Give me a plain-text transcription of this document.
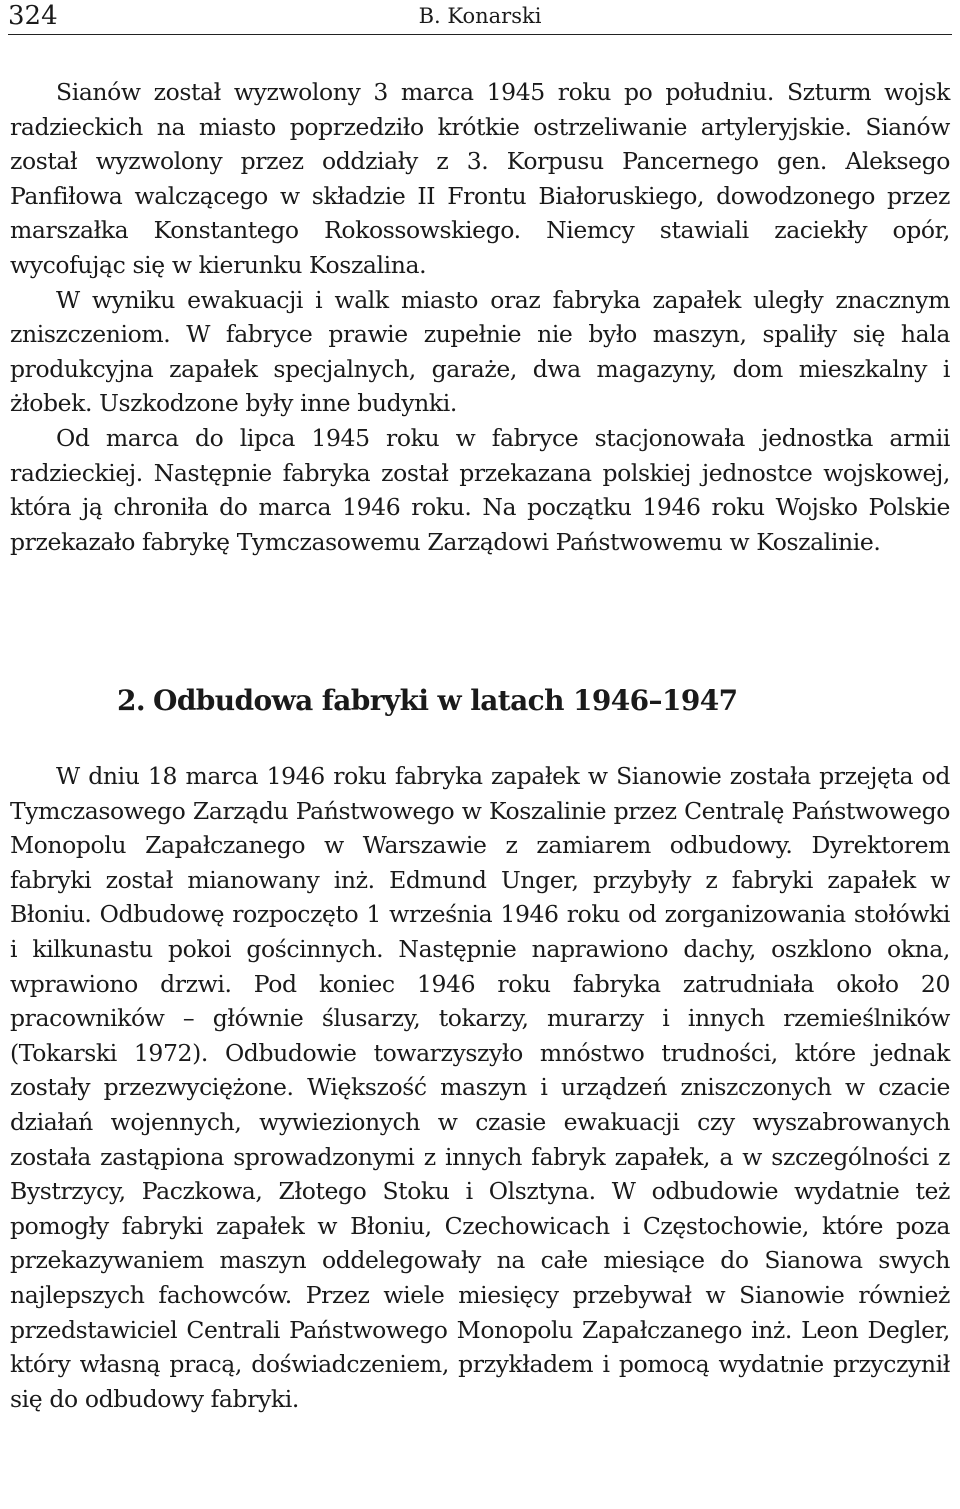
324	B. Konarski

Sianów został wyzwolony 3 marca 1945 roku po południu. Szturm wojsk radzieckich na miasto poprzedziło krótkie ostrzeliwanie artyleryjskie. Sianów został wyzwolony przez oddziały z 3. Korpusu Pancernego gen. Aleksego Panfiłowa walczącego w składzie II Frontu Białoruskiego, dowodzonego przez marszałka Konstantego Rokossowskiego. Niemcy stawiali zaciekły opór, wycofując się w kierunku Koszalina.

W wyniku ewakuacji i walk miasto oraz fabryka zapałek uległy znacznym zniszczeniom. W fabryce prawie zupełnie nie było maszyn, spaliły się hala produkcyjna zapałek specjalnych, garaże, dwa magazyny, dom mieszkalny i żłobek. Uszkodzone były inne budynki.

Od marca do lipca 1945 roku w fabryce stacjonowała jednostka armii radzieckiej. Następnie fabryka został przekazana polskiej jednostce wojskowej, która ją chroniła do marca 1946 roku. Na początku 1946 roku Wojsko Polskie przekazało fabrykę Tymczasowemu Zarządowi Państwowemu w Koszalinie.

2. Odbudowa fabryki w latach 1946–1947

W dniu 18 marca 1946 roku fabryka zapałek w Sianowie została przejęta od Tymczasowego Zarządu Państwowego w Koszalinie przez Centralę Państwowego Monopolu Zapałczanego w Warszawie z zamiarem odbudowy. Dyrektorem fabryki został mianowany inż. Edmund Unger, przybyły z fabryki zapałek w Błoniu. Odbudowę rozpoczęto 1 września 1946 roku od zorganizowania stołówki i kilkunastu pokoi gościnnych. Następnie naprawiono dachy, oszklono okna, wprawiono drzwi. Pod koniec 1946 roku fabryka zatrudniała około 20 pracowników – głównie ślusarzy, tokarzy, murarzy i innych rzemieślników (Tokarski 1972). Odbudowie towarzyszyło mnóstwo trudności, które jednak zostały przezwyciężone. Większość maszyn i urządzeń zniszczonych w czacie działań wojennych, wywiezionych w czasie ewakuacji czy wyszabrowanych została zastąpiona sprowadzonymi z innych fabryk zapałek, a w szczególności z Bystrzycy, Paczkowa, Złotego Stoku i Olsztyna. W odbudowie wydatnie też pomogły fabryki zapałek w Błoniu, Czechowicach i Częstochowie, które poza przekazywaniem maszyn oddelegowały na całe miesiące do Sianowa swych najlepszych fachowców. Przez wiele miesięcy przebywał w Sianowie również przedstawiciel Centrali Państwowego Monopolu Zapałczanego inż. Leon Degler, który własną pracą, doświadczeniem, przykładem i pomocą wydatnie przyczynił się do odbudowy fabryki.
